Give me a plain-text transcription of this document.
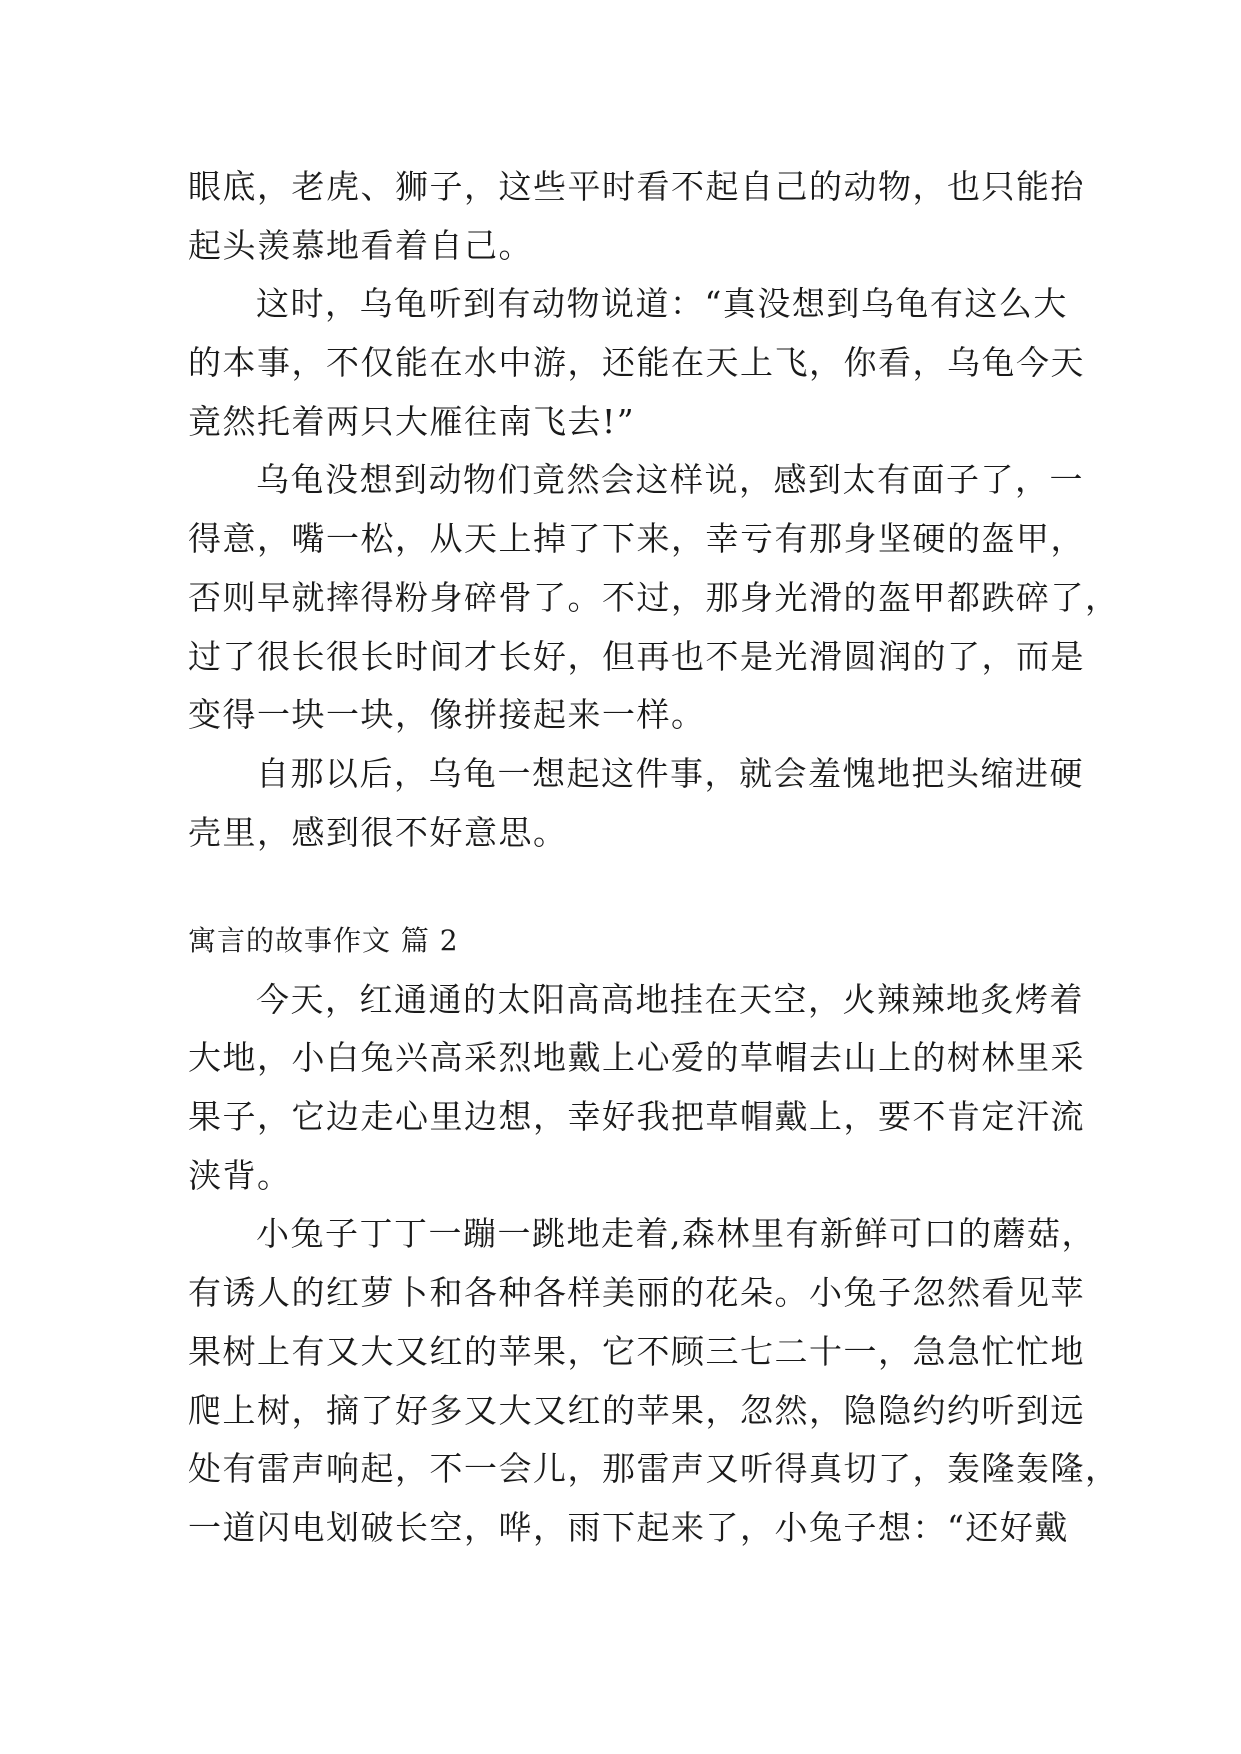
眼底，老虎、狮子，这些平时看不起自己的动物，也只能抬
起头羡慕地看着自己。
这时，乌龟听到有动物说道：“真没想到乌龟有这么大
的本事，不仅能在水中游，还能在天上飞，你看，乌龟今天
竟然托着两只大雁往南飞去!”
乌龟没想到动物们竟然会这样说，感到太有面子了，一
得意，嘴一松，从天上掉了下来，幸亏有那身坚硬的盔甲，
否则早就摔得粉身碎骨了。不过，那身光滑的盔甲都跌碎了，
过了很长很长时间才长好，但再也不是光滑圆润的了，而是
变得一块一块，像拼接起来一样。
自那以后，乌龟一想起这件事，就会羞愧地把头缩进硬
壳里，感到很不好意思。
寓言的故事作文 篇 2
今天，红通通的太阳高高地挂在天空，火辣辣地炙烤着
大地，小白兔兴高采烈地戴上心爱的草帽去山上的树林里采
果子，它边走心里边想，幸好我把草帽戴上，要不肯定汗流
浃背。
小兔子丁丁一蹦一跳地走着,森林里有新鲜可口的蘑菇，
有诱人的红萝卜和各种各样美丽的花朵。小兔子忽然看见苹
果树上有又大又红的苹果，它不顾三七二十一，急急忙忙地
爬上树，摘了好多又大又红的苹果，忽然，隐隐约约听到远
处有雷声响起，不一会儿，那雷声又听得真切了，轰隆轰隆，
一道闪电划破长空，哗，雨下起来了，小兔子想：“还好戴
